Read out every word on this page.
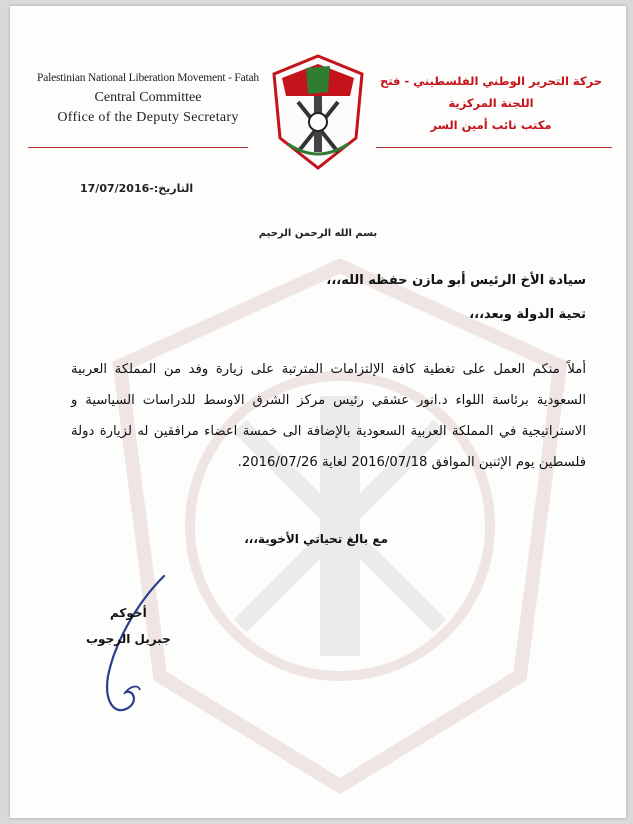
Palestinian National Liberation Movement - Fatah
Central Committee
Office of the Deputy Secretary
حركة التحرير الوطني الفلسطيني - فتح
اللجنة المركزية
مكتب نائب أمين السر
التاريخ:-17/07/2016
بسم الله الرحمن الرحيم
سيادة الأخ الرئيس أبو مازن حفظه الله،،،
تحية الدولة وبعد،،،
أملاً منكم العمل على تغطية كافة الإلتزامات المترتبة على زيارة وفد من المملكة العربية السعودية برئاسة اللواء د.انور عشقي رئيس مركز الشرق الاوسط للدراسات السياسية و الاستراتيجية في المملكة العربية السعودية بالإضافة الى خمسة اعضاء مرافقين له لزيارة دولة فلسطين يوم الإثنين الموافق 2016/07/18 لغاية 2016/07/26.
مع بالغ تحياتي الأخوية،،،
أخوكم
جبريل الرجوب
